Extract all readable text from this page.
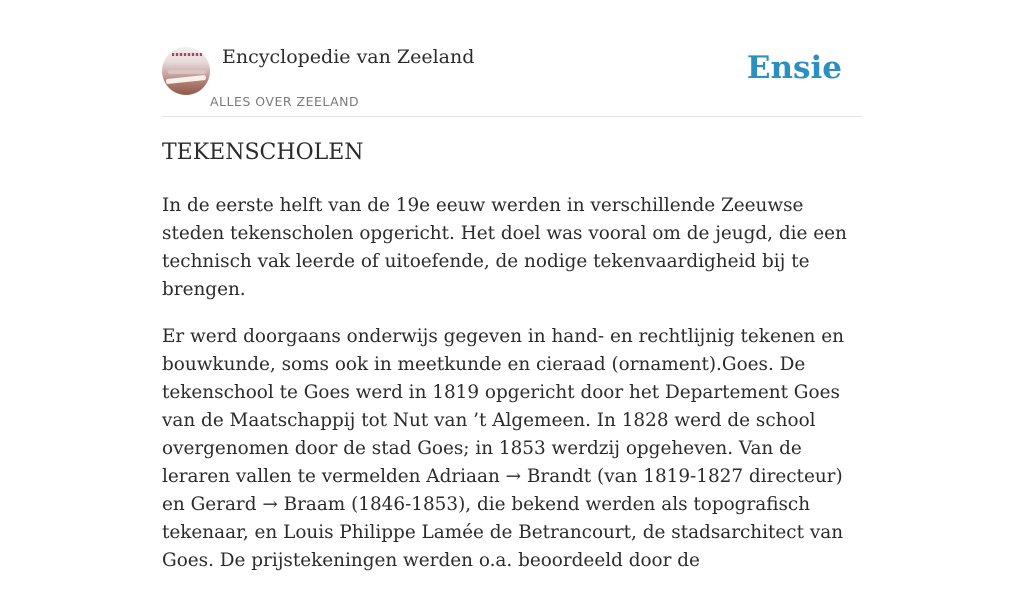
Encyclopedie van Zeeland
ALLES OVER ZEELAND
Ensie
TEKENSCHOLEN

In de eerste helft van de 19e eeuw werden in verschillende Zeeuwse steden tekenscholen opgericht. Het doel was vooral om de jeugd, die een technisch vak leerde of uitoefende, de nodige tekenvaardigheid bij te brengen.

Er werd doorgaans onderwijs gegeven in hand- en rechtlijnig tekenen en bouwkunde, soms ook in meetkunde en cieraad (ornament).Goes. De tekenschool te Goes werd in 1819 opgericht door het Departement Goes van de Maatschappij tot Nut van ’t Algemeen. In 1828 werd de school overgenomen door de stad Goes; in 1853 werdzij opgeheven. Van de leraren vallen te vermelden Adriaan → Brandt (van 1819-1827 directeur) en Gerard → Braam (1846-1853), die bekend werden als topografisch tekenaar, en Louis Philippe Lamée de Betrancourt, de stadsarchitect van Goes. De prijstekeningen werden o.a. beoordeeld door de
